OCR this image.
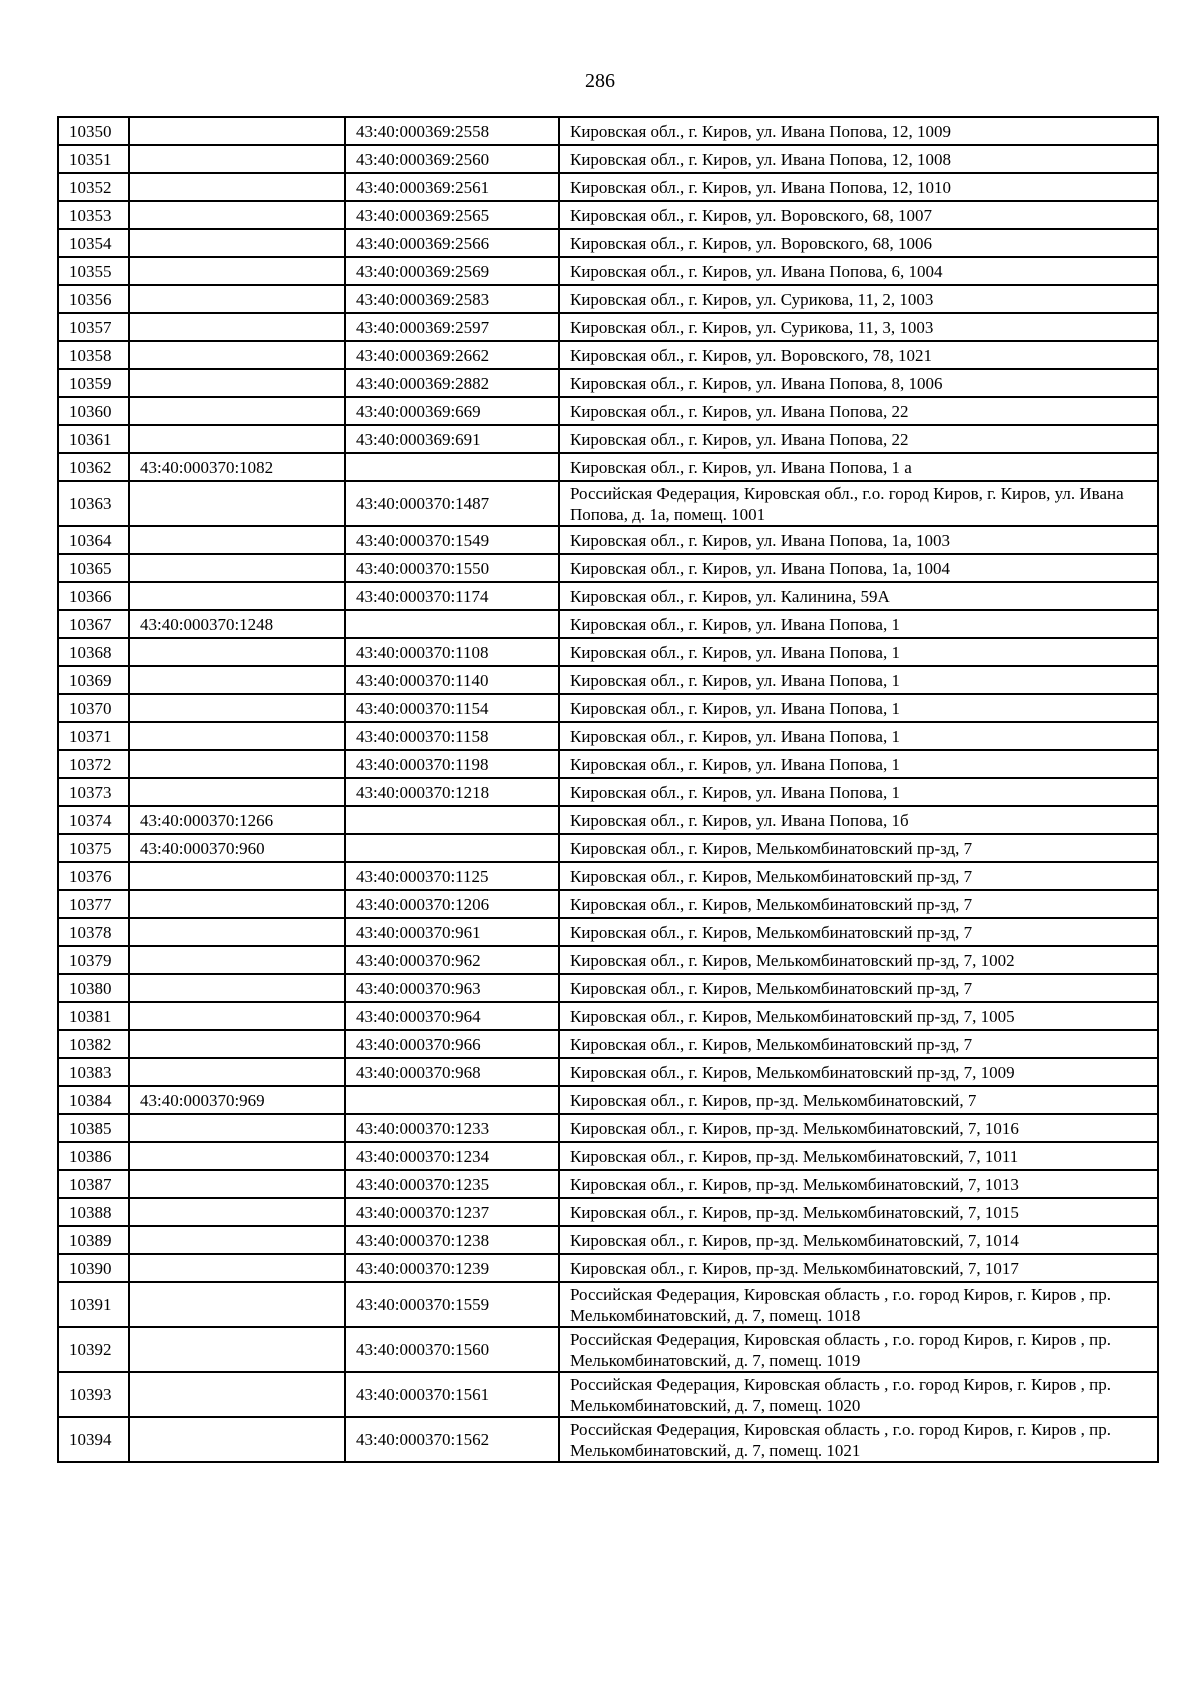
286
10350		43:40:000369:2558	Кировская обл., г. Киров, ул. Ивана Попова, 12, 1009
10351		43:40:000369:2560	Кировская обл., г. Киров, ул. Ивана Попова, 12, 1008
10352		43:40:000369:2561	Кировская обл., г. Киров, ул. Ивана Попова, 12, 1010
10353		43:40:000369:2565	Кировская обл., г. Киров, ул. Воровского, 68, 1007
10354		43:40:000369:2566	Кировская обл., г. Киров, ул. Воровского, 68, 1006
10355		43:40:000369:2569	Кировская обл., г. Киров, ул. Ивана Попова, 6, 1004
10356		43:40:000369:2583	Кировская обл., г. Киров, ул. Сурикова, 11, 2, 1003
10357		43:40:000369:2597	Кировская обл., г. Киров, ул. Сурикова, 11, 3, 1003
10358		43:40:000369:2662	Кировская обл., г. Киров, ул. Воровского, 78, 1021
10359		43:40:000369:2882	Кировская обл., г. Киров, ул. Ивана Попова, 8, 1006
10360		43:40:000369:669	Кировская обл., г. Киров, ул. Ивана Попова, 22
10361		43:40:000369:691	Кировская обл., г. Киров, ул. Ивана Попова, 22
10362	43:40:000370:1082		Кировская обл., г. Киров, ул. Ивана Попова, 1 а
10363		43:40:000370:1487	Российская Федерация, Кировская обл., г.о. город Киров, г. Киров, ул. Ивана Попова, д. 1а, помещ. 1001
10364		43:40:000370:1549	Кировская обл., г. Киров, ул. Ивана Попова, 1а, 1003
10365		43:40:000370:1550	Кировская обл., г. Киров, ул. Ивана Попова, 1а, 1004
10366		43:40:000370:1174	Кировская обл., г. Киров, ул. Калинина, 59А
10367	43:40:000370:1248		Кировская обл., г. Киров, ул. Ивана Попова, 1
10368		43:40:000370:1108	Кировская обл., г. Киров, ул. Ивана Попова, 1
10369		43:40:000370:1140	Кировская обл., г. Киров, ул. Ивана Попова, 1
10370		43:40:000370:1154	Кировская обл., г. Киров, ул. Ивана Попова, 1
10371		43:40:000370:1158	Кировская обл., г. Киров, ул. Ивана Попова, 1
10372		43:40:000370:1198	Кировская обл., г. Киров, ул. Ивана Попова, 1
10373		43:40:000370:1218	Кировская обл., г. Киров, ул. Ивана Попова, 1
10374	43:40:000370:1266		Кировская обл., г. Киров, ул. Ивана Попова, 1б
10375	43:40:000370:960		Кировская обл., г. Киров, Мелькомбинатовский пр-зд, 7
10376		43:40:000370:1125	Кировская обл., г. Киров, Мелькомбинатовский пр-зд, 7
10377		43:40:000370:1206	Кировская обл., г. Киров, Мелькомбинатовский пр-зд, 7
10378		43:40:000370:961	Кировская обл., г. Киров, Мелькомбинатовский пр-зд, 7
10379		43:40:000370:962	Кировская обл., г. Киров, Мелькомбинатовский пр-зд, 7, 1002
10380		43:40:000370:963	Кировская обл., г. Киров, Мелькомбинатовский пр-зд, 7
10381		43:40:000370:964	Кировская обл., г. Киров, Мелькомбинатовский пр-зд, 7, 1005
10382		43:40:000370:966	Кировская обл., г. Киров, Мелькомбинатовский пр-зд, 7
10383		43:40:000370:968	Кировская обл., г. Киров, Мелькомбинатовский пр-зд, 7, 1009
10384	43:40:000370:969		Кировская обл., г. Киров, пр-зд. Мелькомбинатовский, 7
10385		43:40:000370:1233	Кировская обл., г. Киров, пр-зд. Мелькомбинатовский, 7, 1016
10386		43:40:000370:1234	Кировская обл., г. Киров, пр-зд. Мелькомбинатовский, 7, 1011
10387		43:40:000370:1235	Кировская обл., г. Киров, пр-зд. Мелькомбинатовский, 7, 1013
10388		43:40:000370:1237	Кировская обл., г. Киров, пр-зд. Мелькомбинатовский, 7, 1015
10389		43:40:000370:1238	Кировская обл., г. Киров, пр-зд. Мелькомбинатовский, 7, 1014
10390		43:40:000370:1239	Кировская обл., г. Киров, пр-зд. Мелькомбинатовский, 7, 1017
10391		43:40:000370:1559	Российская Федерация, Кировская область , г.о. город Киров, г. Киров , пр. Мелькомбинатовский, д. 7, помещ. 1018
10392		43:40:000370:1560	Российская Федерация, Кировская область , г.о. город Киров, г. Киров , пр. Мелькомбинатовский, д. 7, помещ. 1019
10393		43:40:000370:1561	Российская Федерация, Кировская область , г.о. город Киров, г. Киров , пр. Мелькомбинатовский, д. 7, помещ. 1020
10394		43:40:000370:1562	Российская Федерация, Кировская область , г.о. город Киров, г. Киров , пр. Мелькомбинатовский, д. 7, помещ. 1021
